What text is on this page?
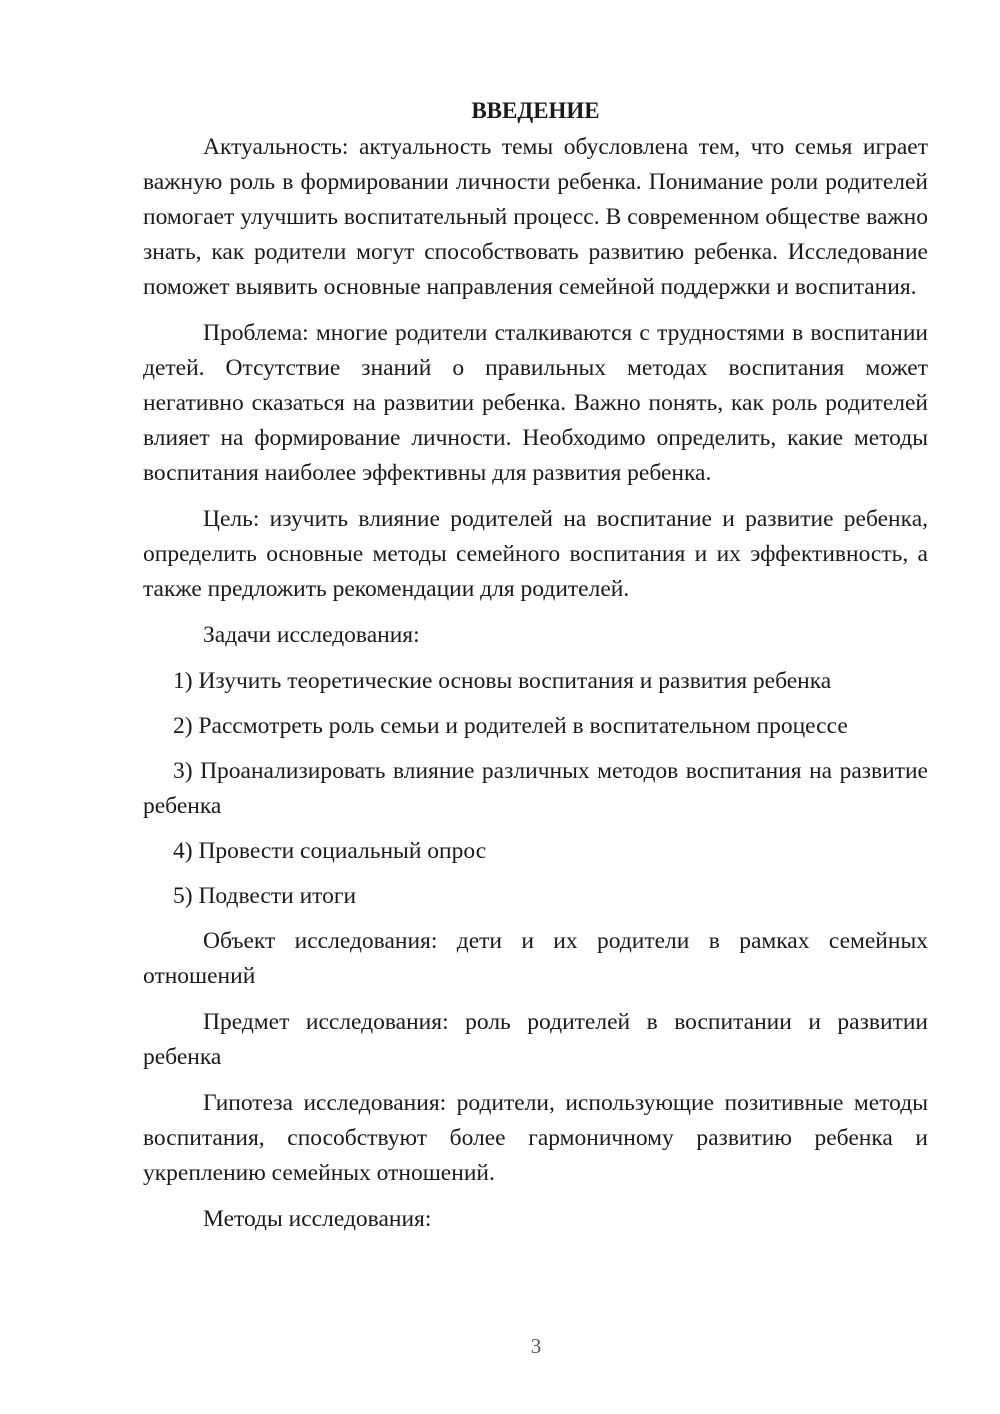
ВВЕДЕНИЕ

Актуальность: актуальность темы обусловлена тем, что семья играет важную роль в формировании личности ребенка. Понимание роли родителей помогает улучшить воспитательный процесс. В современном обществе важно знать, как родители могут способствовать развитию ребенка. Исследование поможет выявить основные направления семейной поддержки и воспитания.

Проблема: многие родители сталкиваются с трудностями в воспитании детей. Отсутствие знаний о правильных методах воспитания может негативно сказаться на развитии ребенка. Важно понять, как роль родителей влияет на формирование личности. Необходимо определить, какие методы воспитания наиболее эффективны для развития ребенка.

Цель: изучить влияние родителей на воспитание и развитие ребенка, определить основные методы семейного воспитания и их эффективность, а также предложить рекомендации для родителей.

Задачи исследования:

1) Изучить теоретические основы воспитания и развития ребенка

2) Рассмотреть роль семьи и родителей в воспитательном процессе

3) Проанализировать влияние различных методов воспитания на развитие ребенка

4) Провести социальный опрос

5) Подвести итоги

Объект исследования: дети и их родители в рамках семейных отношений

Предмет исследования: роль родителей в воспитании и развитии ребенка

Гипотеза исследования: родители, использующие позитивные методы воспитания, способствуют более гармоничному развитию ребенка и укреплению семейных отношений.

Методы исследования:

3
